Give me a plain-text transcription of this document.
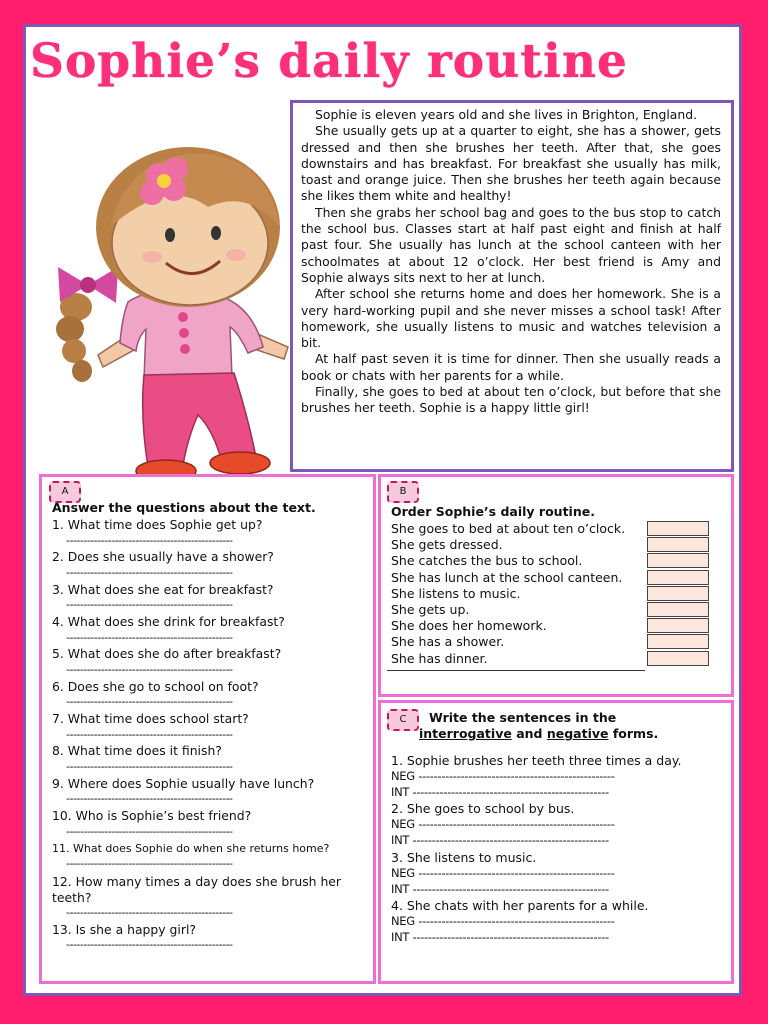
Sophie’s daily routine

Sophie is eleven years old and she lives in Brighton, England.

She usually gets up at a quarter to eight, she has a shower, gets dressed and then she brushes her teeth. After that, she goes downstairs and has breakfast. For breakfast she usually has milk, toast and orange juice. Then she brushes her teeth again because she likes them white and healthy!

Then she grabs her school bag and goes to the bus stop to catch the school bus. Classes start at half past eight and finish at half past four. She usually has lunch at the school canteen with her schoolmates at about 12 o’clock. Her best friend is Amy and Sophie always sits next to her at lunch.

After school she returns home and does her homework. She is a very hard-working pupil and she never misses a school task! After homework, she usually listens to music and watches television a bit.

At half past seven it is time for dinner. Then she usually reads a book or chats with her parents for a while.

Finally, she goes to bed at about ten o’clock, but before that she brushes her teeth. Sophie is a happy little girl!

A
Answer the questions about the text.
1. What time does Sophie get up?
------------------------------------------------
2. Does she usually have a shower?
------------------------------------------------
3. What does she eat for breakfast?
------------------------------------------------
4. What does she drink for breakfast?
------------------------------------------------
5. What does she do after breakfast?
------------------------------------------------
6. Does she go to school on foot?
------------------------------------------------
7. What time does school start?
------------------------------------------------
8. What time does it finish?
------------------------------------------------
9. Where does Sophie usually have lunch?
------------------------------------------------
10. Who is Sophie’s best friend?
------------------------------------------------
11. What does Sophie do when she returns home?
------------------------------------------------
12. How many times a day does she brush her
teeth?
------------------------------------------------
13. Is she a happy girl?
------------------------------------------------
B
Order Sophie’s daily routine.
She goes to bed at about ten o’clock.
She gets dressed.
She catches the bus to school.
She has lunch at the school canteen.
She listens to music.
She gets up.
She does her homework.
She has a shower.
She has dinner.
C	Write the sentences in the
interrogative and negative forms.
1. Sophie brushes her teeth three times a day.
NEG ---------------------------------------------------
INT ---------------------------------------------------
2. She goes to school by bus.
NEG ---------------------------------------------------
INT ---------------------------------------------------
3. She listens to music.
NEG ---------------------------------------------------
INT ---------------------------------------------------
4. She chats with her parents for a while.
NEG ---------------------------------------------------
INT ---------------------------------------------------
